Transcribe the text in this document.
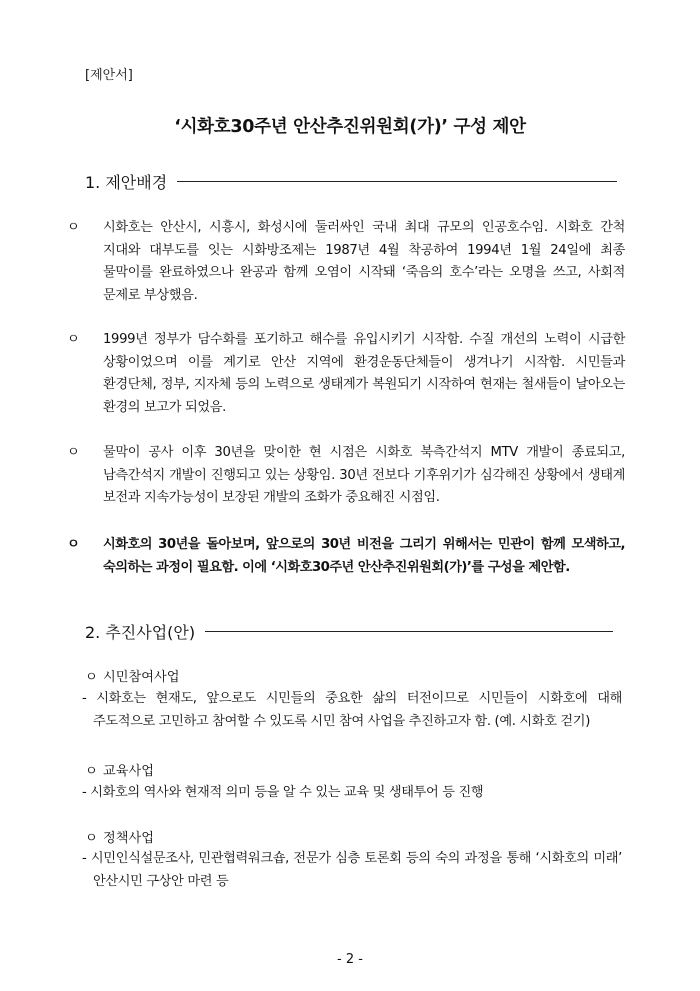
[제안서]
‘시화호30주년 안산추진위원회(가)’ 구성 제안
1. 제안배경
ㅇ 시화호는 안산시, 시흥시, 화성시에 둘러싸인 국내 최대 규모의 인공호수임. 시화호 간척 지대와 대부도를 잇는 시화방조제는 1987년 4월 착공하여 1994년 1월 24일에 최종 물막이를 완료하였으나 완공과 함께 오염이 시작돼 ‘죽음의 호수’라는 오명을 쓰고, 사회적 문제로 부상했음.
ㅇ 1999년 정부가 담수화를 포기하고 해수를 유입시키기 시작함. 수질 개선의 노력이 시급한 상황이었으며 이를 계기로 안산 지역에 환경운동단체들이 생겨나기 시작함. 시민들과 환경단체, 정부, 지자체 등의 노력으로 생태계가 복원되기 시작하여 현재는 철새들이 날아오는 환경의 보고가 되었음.
ㅇ 물막이 공사 이후 30년을 맞이한 현 시점은 시화호 북측간석지 MTV 개발이 종료되고, 남측간석지 개발이 진행되고 있는 상황임. 30년 전보다 기후위기가 심각해진 상황에서 생태계 보전과 지속가능성이 보장된 개발의 조화가 중요해진 시점임.
ㅇ 시화호의 30년을 돌아보며, 앞으로의 30년 비전을 그리기 위해서는 민관이 함께 모색하고, 숙의하는 과정이 필요함. 이에 ‘시화호30주년 안산추진위원회(가)’를 구성을 제안함.
2. 추진사업(안)
ㅇ 시민참여사업
- 시화호는 현재도, 앞으로도 시민들의 중요한 삶의 터전이므로 시민들이 시화호에 대해 주도적으로 고민하고 참여할 수 있도록 시민 참여 사업을 추진하고자 함. (예. 시화호 걷기)
ㅇ 교육사업
- 시화호의 역사와 현재적 의미 등을 알 수 있는 교육 및 생태투어 등 진행
ㅇ 정책사업
- 시민인식설문조사, 민관협력워크숍, 전문가 심층 토론회 등의 숙의 과정을 통해 ‘시화호의 미래’ 안산시민 구상안 마련 등
- 2 -
